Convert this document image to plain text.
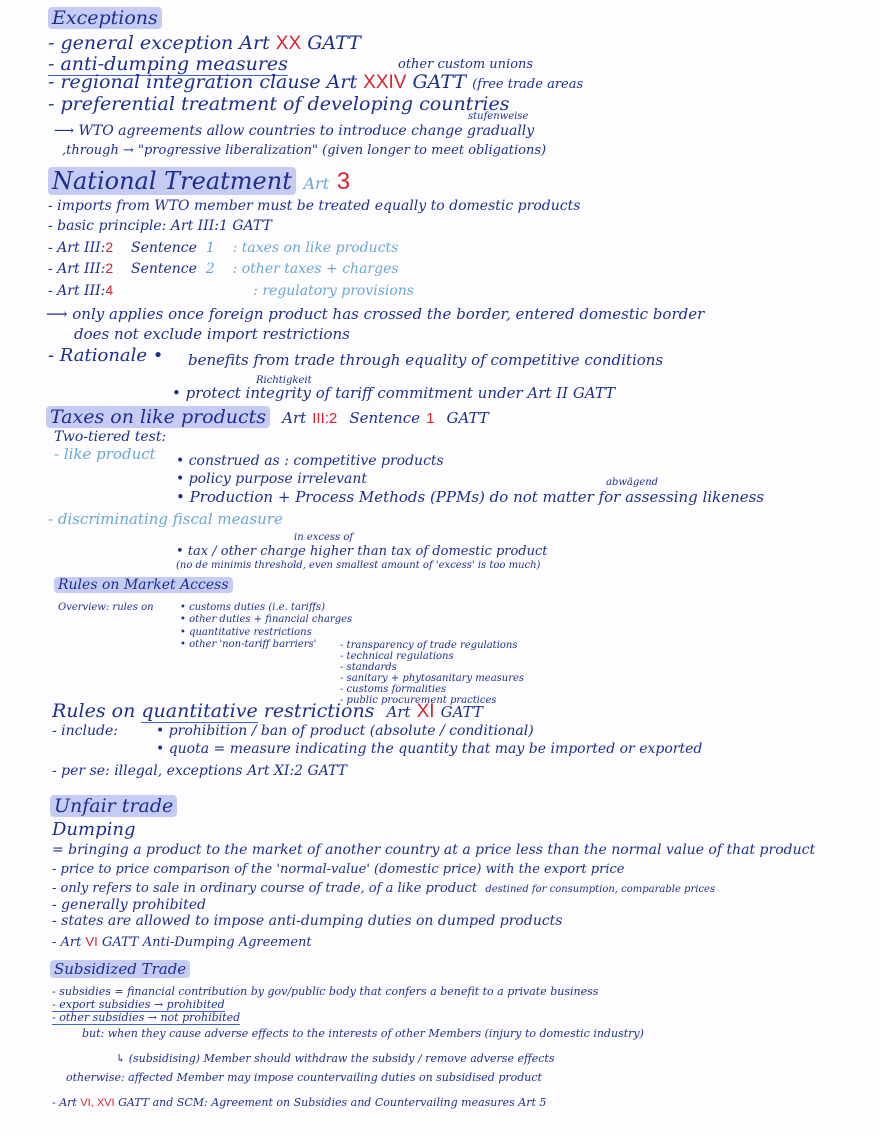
Exceptions
- general exception Art XX GATT
- anti-dumping measures	other custom unions
- regional integration clause Art XXIV GATT (free trade areas
stufenweise
- preferential treatment of developing countries
⟶ WTO agreements allow countries to introduce change gradually
,through → "progressive liberalization" (given longer to meet obligations)
National Treatment Art 3
- imports from WTO member must be treated equally to domestic products
- basic principle: Art III:1 GATT
- Art III:2 Sentence 1 : taxes on like products
- Art III:2 Sentence 2 : other taxes + charges
- Art III:4	: regulatory provisions
⟶ only applies once foreign product has crossed the border, entered domestic border
does not exclude import restrictions
- Rationale • benefits from trade through equality of competitive conditions
Richtigkeit
• protect integrity of tariff commitment under Art II GATT
Taxes on like products Art III:2 Sentence 1 GATT
Two-tiered test:
- like product • construed as : competitive products
• policy purpose irrelevant	abwägend
• Production + Process Methods (PPMs) do not matter for assessing likeness
- discriminating fiscal measure
in excess of
• tax / other charge higher than tax of domestic product
(no de minimis threshold, even smallest amount of 'excess' is too much)
Rules on Market Access
Overview: rules on	• customs duties (i.e. tariffs)
• other duties + financial charges
• quantitative restrictions
• other 'non-tariff barriers' - transparency of trade regulations
- technical regulations
- standards
- sanitary + phytosanitary measures
- customs formalities
- public procurement practices
Rules on quantitative restrictions Art XI GATT
- include:	• prohibition / ban of product (absolute / conditional)
• quota = measure indicating the quantity that may be imported or exported
- per se: illegal, exceptions Art XI:2 GATT
Unfair trade
Dumping
= bringing a product to the market of another country at a price less than the normal value of that product
- price to price comparison of the 'normal-value' (domestic price) with the export price
- only refers to sale in ordinary course of trade, of a like product destined for consumption, comparable prices
- generally prohibited
- states are allowed to impose anti-dumping duties on dumped products
- Art VI GATT Anti-Dumping Agreement
Subsidized Trade
- subsidies = financial contribution by gov/public body that confers a benefit to a private business
- export subsidies → prohibited
- other subsidies → not prohibited
but: when they cause adverse effects to the interests of other Members (injury to domestic industry)
↳ (subsidising) Member should withdraw the subsidy / remove adverse effects
otherwise: affected Member may impose countervailing duties on subsidised product
- Art VI, XVI GATT and SCM: Agreement on Subsidies and Countervailing measures Art 5
